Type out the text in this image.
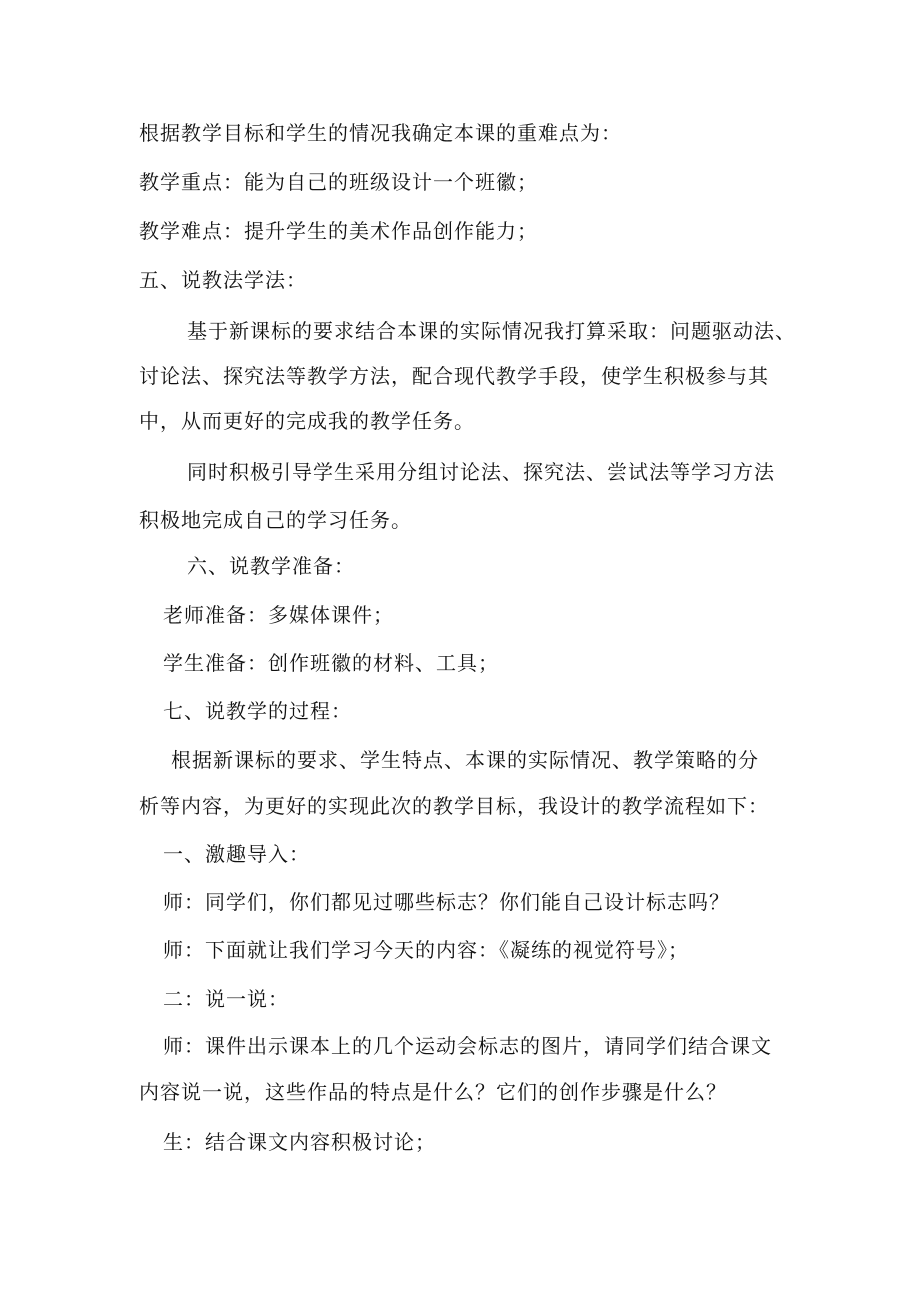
根据教学目标和学生的情况我确定本课的重难点为：

教学重点：能为自己的班级设计一个班徽；

教学难点：提升学生的美术作品创作能力；

五、说教法学法：

基于新课标的要求结合本课的实际情况我打算采取：问题驱动法、

讨论法、探究法等教学方法，配合现代教学手段，使学生积极参与其

中，从而更好的完成我的教学任务。

同时积极引导学生采用分组讨论法、探究法、尝试法等学习方法

积极地完成自己的学习任务。

六、说教学准备：

老师准备：多媒体课件；

学生准备：创作班徽的材料、工具；

七、说教学的过程：

根据新课标的要求、学生特点、本课的实际情况、教学策略的分

析等内容，为更好的实现此次的教学目标，我设计的教学流程如下：

一、激趣导入：

师：同学们，你们都见过哪些标志？你们能自己设计标志吗？

师：下面就让我们学习今天的内容：《凝练的视觉符号》；

二：说一说：

师：课件出示课本上的几个运动会标志的图片，请同学们结合课文

内容说一说，这些作品的特点是什么？它们的创作步骤是什么？

生：结合课文内容积极讨论；
